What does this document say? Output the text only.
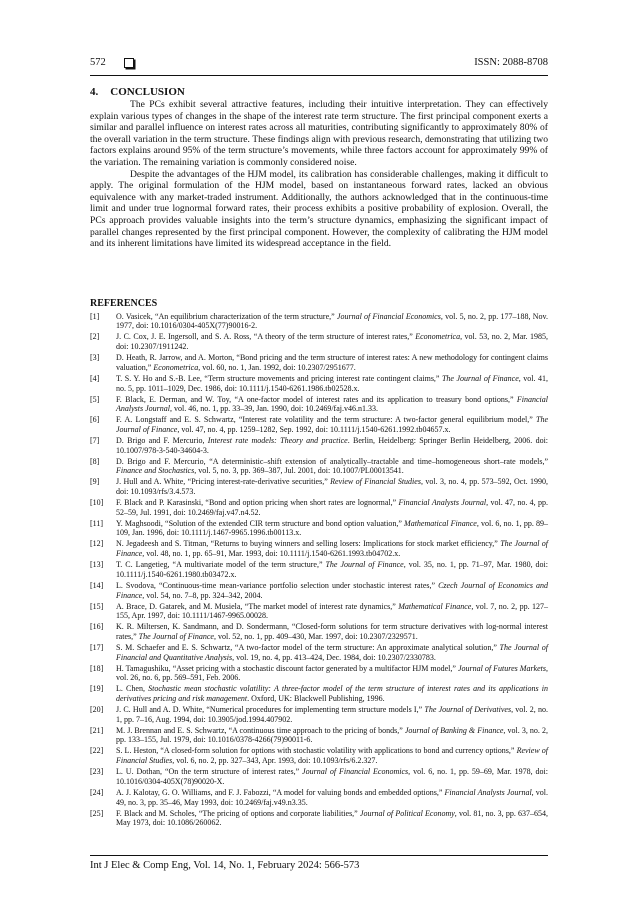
572	ISSN: 2088-8708
4. CONCLUSION

The PCs exhibit several attractive features, including their intuitive interpretation. They can effectively explain various types of changes in the shape of the interest rate term structure. The first principal component exerts a similar and parallel influence on interest rates across all maturities, contributing significantly to approximately 80% of the overall variation in the term structure. These findings align with previous research, demonstrating that utilizing two factors explains around 95% of the term structure’s movements, while three factors account for approximately 99% of the variation. The remaining variation is commonly considered noise.

Despite the advantages of the HJM model, its calibration has considerable challenges, making it difficult to apply. The original formulation of the HJM model, based on instantaneous forward rates, lacked an obvious equivalence with any market-traded instrument. Additionally, the authors acknowledged that in the continuous-time limit and under true lognormal forward rates, their process exhibits a positive probability of explosion. Overall, the PCs approach provides valuable insights into the term’s structure dynamics, emphasizing the significant impact of parallel changes represented by the first principal component. However, the complexity of calibrating the HJM model and its inherent limitations have limited its widespread acceptance in the field.

REFERENCES
[1]	O. Vasicek, “An equilibrium characterization of the term structure,” Journal of Financial Economics, vol. 5, no. 2, pp. 177–188, Nov. 1977, doi: 10.1016/0304-405X(77)90016-2.
[2]	J. C. Cox, J. E. Ingersoll, and S. A. Ross, “A theory of the term structure of interest rates,” Econometrica, vol. 53, no. 2, Mar. 1985, doi: 10.2307/1911242.
[3]	D. Heath, R. Jarrow, and A. Morton, “Bond pricing and the term structure of interest rates: A new methodology for contingent claims valuation,” Econometrica, vol. 60, no. 1, Jan. 1992, doi: 10.2307/2951677.
[4]	T. S. Y. Ho and S.-B. Lee, “Term structure movements and pricing interest rate contingent claims,” The Journal of Finance, vol. 41, no. 5, pp. 1011–1029, Dec. 1986, doi: 10.1111/j.1540-6261.1986.tb02528.x.
[5]	F. Black, E. Derman, and W. Toy, “A one-factor model of interest rates and its application to treasury bond options,” Financial Analysts Journal, vol. 46, no. 1, pp. 33–39, Jan. 1990, doi: 10.2469/faj.v46.n1.33.
[6]	F. A. Longstaff and E. S. Schwartz, “Interest rate volatility and the term structure: A two-factor general equilibrium model,” The Journal of Finance, vol. 47, no. 4, pp. 1259–1282, Sep. 1992, doi: 10.1111/j.1540-6261.1992.tb04657.x.
[7]	D. Brigo and F. Mercurio, Interest rate models: Theory and practice. Berlin, Heidelberg: Springer Berlin Heidelberg, 2006. doi: 10.1007/978-3-540-34604-3.
[8]	D. Brigo and F. Mercurio, “A deterministic–shift extension of analytically–tractable and time–homogeneous short–rate models,” Finance and Stochastics, vol. 5, no. 3, pp. 369–387, Jul. 2001, doi: 10.1007/PL00013541.
[9]	J. Hull and A. White, “Pricing interest-rate-derivative securities,” Review of Financial Studies, vol. 3, no. 4, pp. 573–592, Oct. 1990, doi: 10.1093/rfs/3.4.573.
[10]	F. Black and P. Karasinski, “Bond and option pricing when short rates are lognormal,” Financial Analysts Journal, vol. 47, no. 4, pp. 52–59, Jul. 1991, doi: 10.2469/faj.v47.n4.52.
[11]	Y. Maghsoodi, “Solution of the extended CIR term structure and bond option valuation,” Mathematical Finance, vol. 6, no. 1, pp. 89–109, Jan. 1996, doi: 10.1111/j.1467-9965.1996.tb00113.x.
[12]	N. Jegadeesh and S. Titman, “Returns to buying winners and selling losers: Implications for stock market efficiency,” The Journal of Finance, vol. 48, no. 1, pp. 65–91, Mar. 1993, doi: 10.1111/j.1540-6261.1993.tb04702.x.
[13]	T. C. Langetieg, “A multivariate model of the term structure,” The Journal of Finance, vol. 35, no. 1, pp. 71–97, Mar. 1980, doi: 10.1111/j.1540-6261.1980.tb03472.x.
[14]	L. Svodova, “Continuous-time mean-variance portfolio selection under stochastic interest rates,” Czech Journal of Economics and Finance, vol. 54, no. 7–8, pp. 324–342, 2004.
[15]	A. Brace, D. Gatarek, and M. Musiela, “The market model of interest rate dynamics,” Mathematical Finance, vol. 7, no. 2, pp. 127–155, Apr. 1997, doi: 10.1111/1467-9965.00028.
[16]	K. R. Miltersen, K. Sandmann, and D. Sondermann, “Closed-form solutions for term structure derivatives with log-normal interest rates,” The Journal of Finance, vol. 52, no. 1, pp. 409–430, Mar. 1997, doi: 10.2307/2329571.
[17]	S. M. Schaefer and E. S. Schwartz, “A two-factor model of the term structure: An approximate analytical solution,” The Journal of Financial and Quantitative Analysis, vol. 19, no. 4, pp. 413–424, Dec. 1984, doi: 10.2307/2330783.
[18]	H. Tamagushiku, “Asset pricing with a stochastic discount factor generated by a multifactor HJM model,” Journal of Futures Markets, vol. 26, no. 6, pp. 569–591, Feb. 2006.
[19]	L. Chen, Stochastic mean stochastic volatility: A three-factor model of the term structure of interest rates and its applications in derivatives pricing and risk management. Oxford, UK: Blackwell Publishing, 1996.
[20]	J. C. Hull and A. D. White, “Numerical procedures for implementing term structure models I,” The Journal of Derivatives, vol. 2, no. 1, pp. 7–16, Aug. 1994, doi: 10.3905/jod.1994.407902.
[21]	M. J. Brennan and E. S. Schwartz, “A continuous time approach to the pricing of bonds,” Journal of Banking & Finance, vol. 3, no. 2, pp. 133–155, Jul. 1979, doi: 10.1016/0378-4266(79)90011-6.
[22]	S. L. Heston, “A closed-form solution for options with stochastic volatility with applications to bond and currency options,” Review of Financial Studies, vol. 6, no. 2, pp. 327–343, Apr. 1993, doi: 10.1093/rfs/6.2.327.
[23]	L. U. Dothan, “On the term structure of interest rates,” Journal of Financial Economics, vol. 6, no. 1, pp. 59–69, Mar. 1978, doi: 10.1016/0304-405X(78)90020-X.
[24]	A. J. Kalotay, G. O. Williams, and F. J. Fabozzi, “A model for valuing bonds and embedded options,” Financial Analysts Journal, vol. 49, no. 3, pp. 35–46, May 1993, doi: 10.2469/faj.v49.n3.35.
[25]	F. Black and M. Scholes, “The pricing of options and corporate liabilities,” Journal of Political Economy, vol. 81, no. 3, pp. 637–654, May 1973, doi: 10.1086/260062.
Int J Elec & Comp Eng, Vol. 14, No. 1, February 2024: 566-573
